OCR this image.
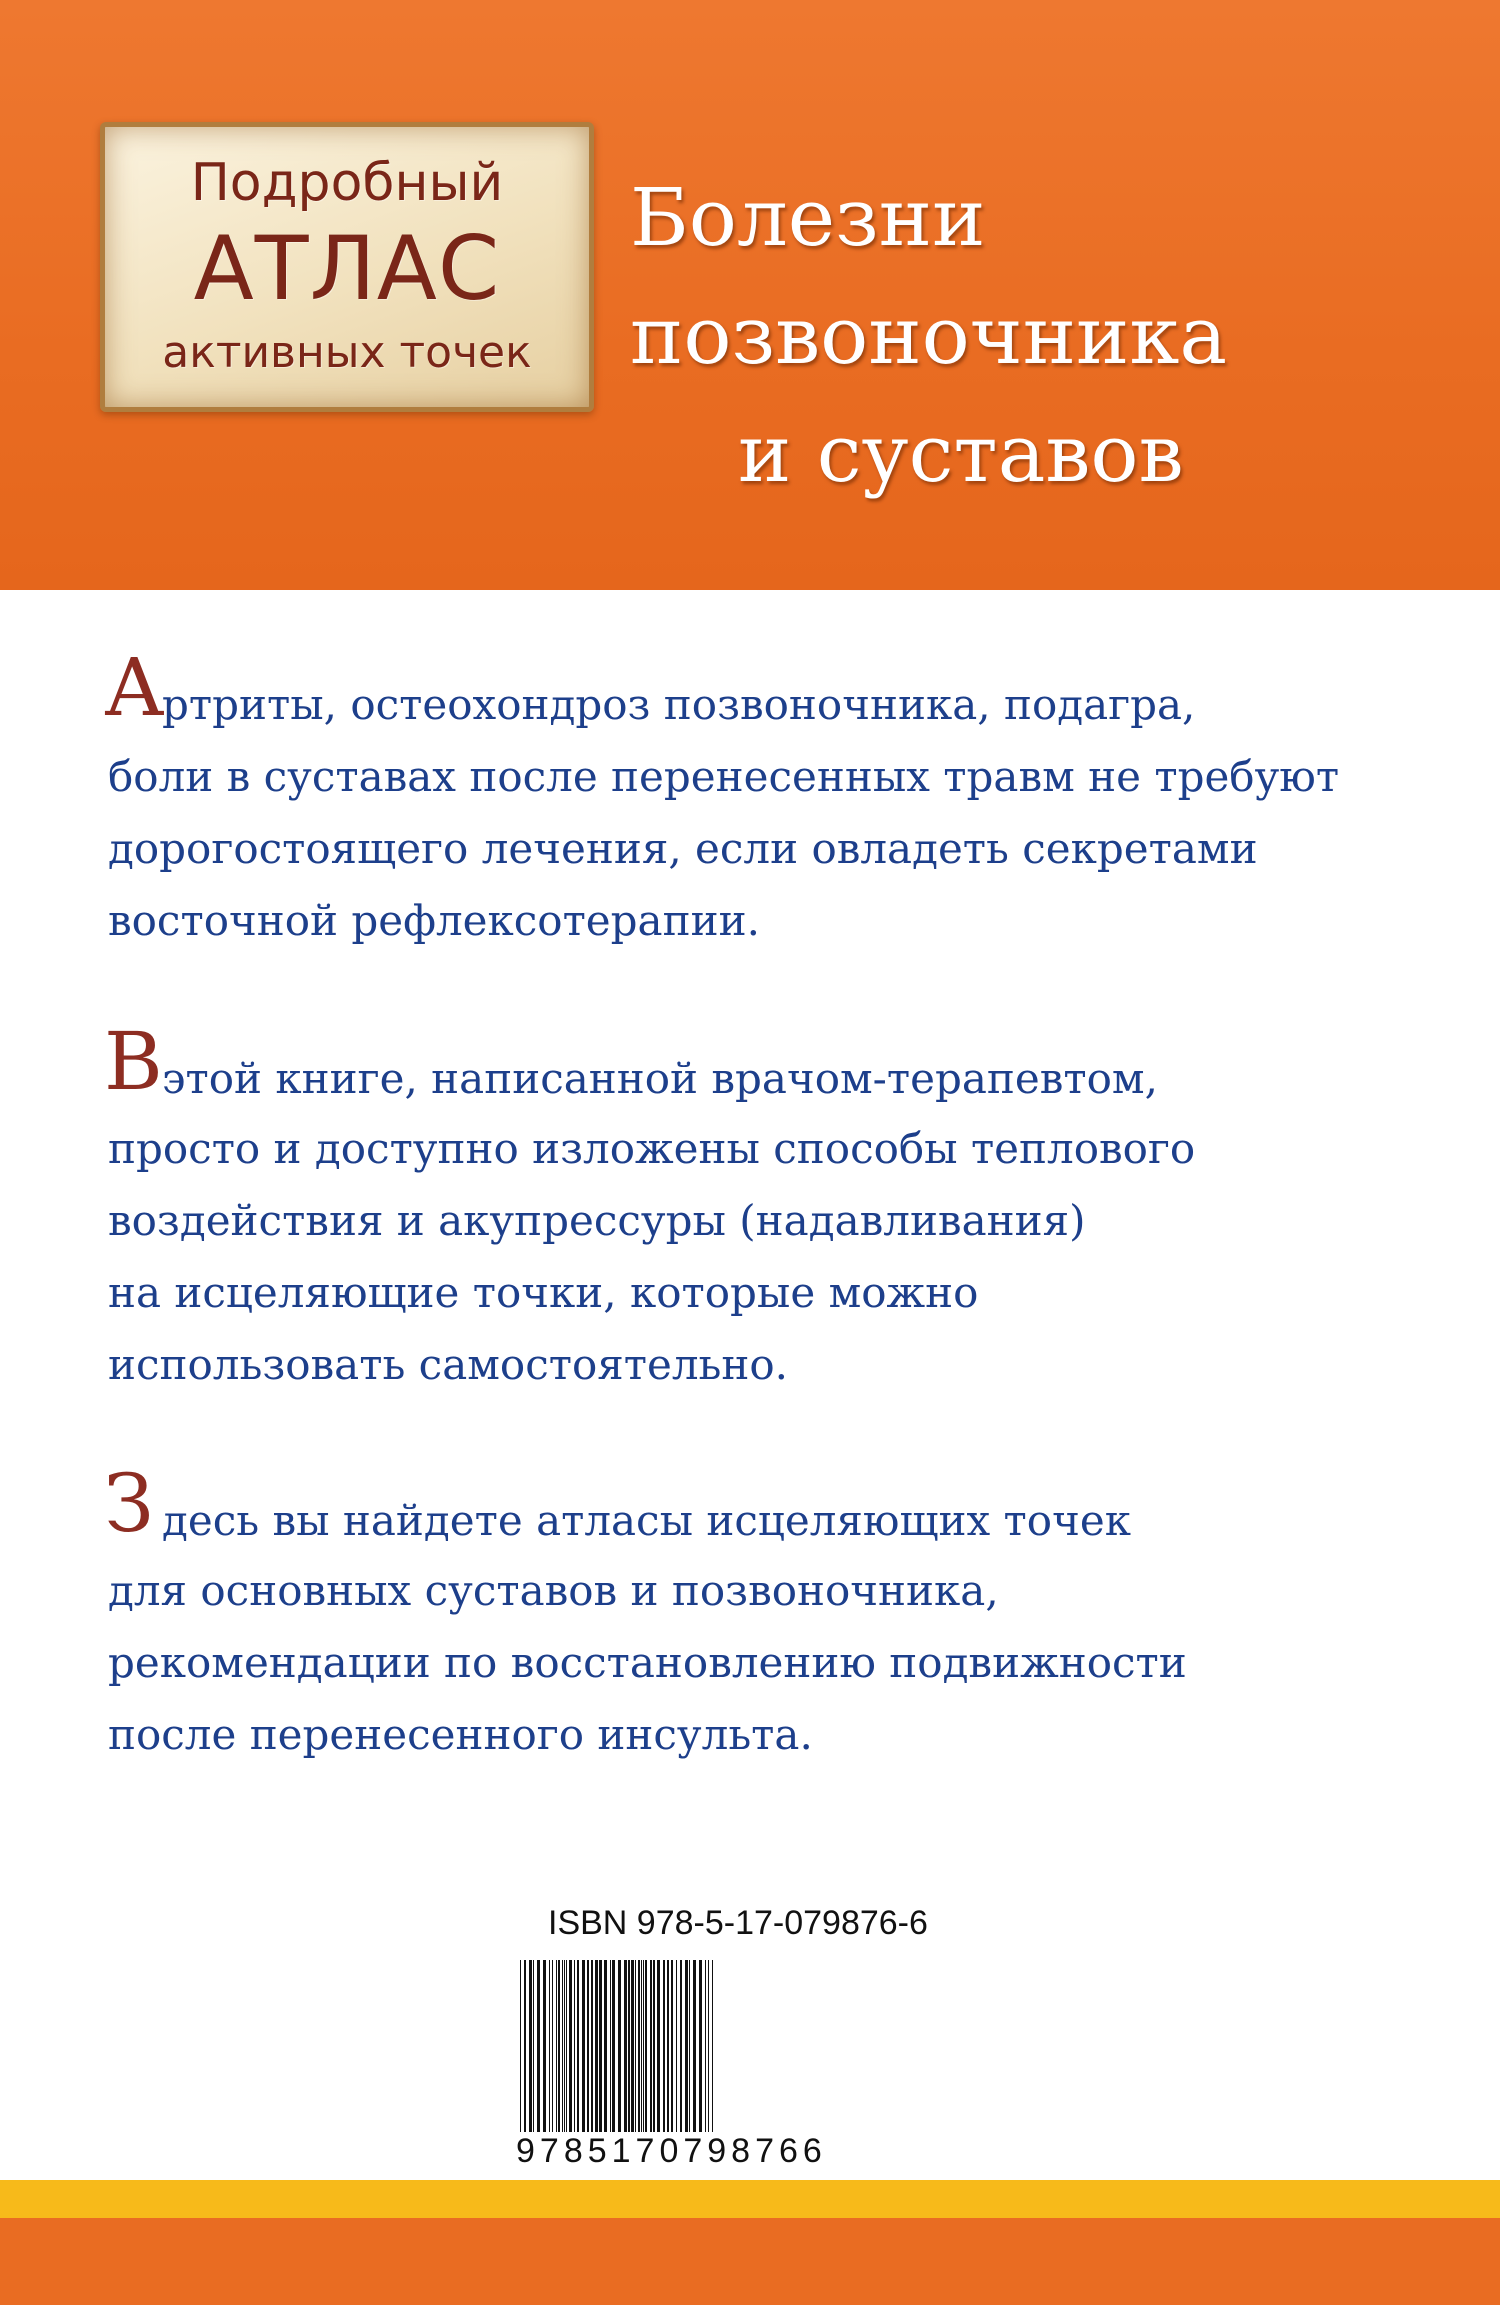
Подробный
АТЛАС
активных точек
Болезни
позвоночника
и суставов
А
ртриты, остеохондроз позвоночника, подагра,
боли в суставах после перенесенных травм не требуют
дорогостоящего лечения, если овладеть секретами
восточной рефлексотерапии.
В этой книге, написанной врачом-терапевтом,
просто и доступно изложены способы теплового
воздействия и акупрессуры (надавливания)
на исцеляющие точки, которые можно
использовать самостоятельно.
З десь вы найдете атласы исцеляющих точек
для основных суставов и позвоночника,
рекомендации по восстановлению подвижности
после перенесенного инсульта.
ISBN 978-5-17-079876-6
9785170798766
